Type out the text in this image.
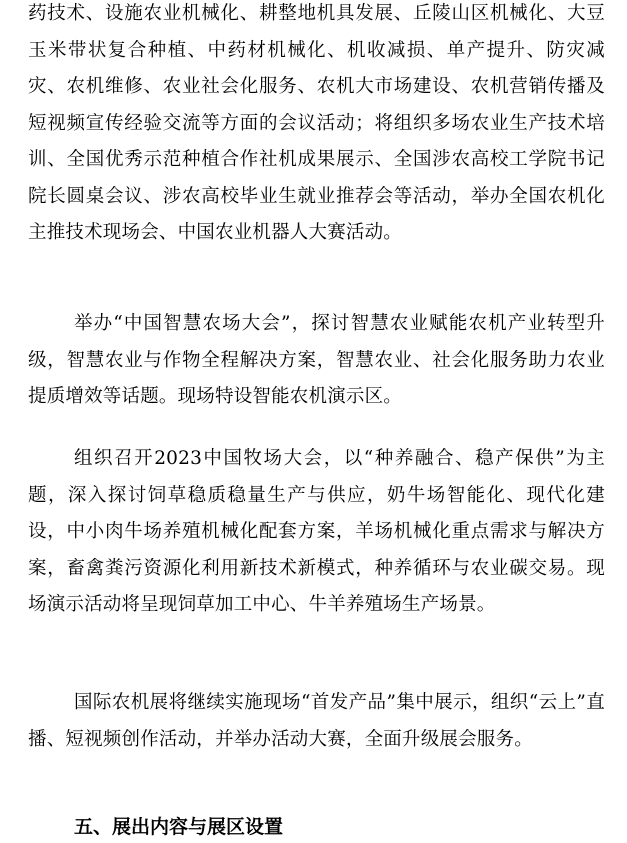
药技术、设施农业机械化、耕整地机具发展、丘陵山区机械化、大豆玉米带状复合种植、中药材机械化、机收减损、单产提升、防灾减灾、农机维修、农业社会化服务、农机大市场建设、农机营销传播及短视频宣传经验交流等方面的会议活动；将组织多场农业生产技术培训、全国优秀示范种植合作社机成果展示、全国涉农高校工学院书记院长圆桌会议、涉农高校毕业生就业推荐会等活动，举办全国农机化主推技术现场会、中国农业机器人大赛活动。

举办“中国智慧农场大会”，探讨智慧农业赋能农机产业转型升级，智慧农业与作物全程解决方案，智慧农业、社会化服务助力农业提质增效等话题。现场特设智能农机演示区。

组织召开2023中国牧场大会，以“种养融合、稳产保供”为主题，深入探讨饲草稳质稳量生产与供应，奶牛场智能化、现代化建设，中小肉牛场养殖机械化配套方案，羊场机械化重点需求与解决方案，畜禽粪污资源化利用新技术新模式，种养循环与农业碳交易。现场演示活动将呈现饲草加工中心、牛羊养殖场生产场景。

国际农机展将继续实施现场“首发产品”集中展示，组织“云上”直播、短视频创作活动，并举办活动大赛，全面升级展会服务。

五、展出内容与展区设置
